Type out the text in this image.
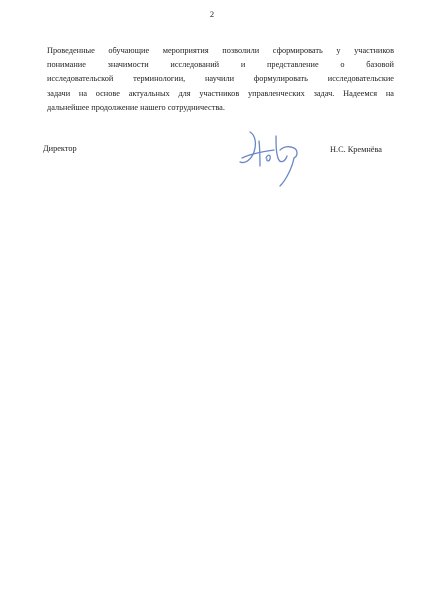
2
Проведенные обучающие мероприятия позволили сформировать у участников
понимание значимости исследований и представление о базовой
исследовательской терминологии, научили формулировать исследовательские
задачи на основе актуальных для участников управленческих задач. Надеемся на
дальнейшее продолжение нашего сотрудничества.
Директор	Н.С. Кремнёва
